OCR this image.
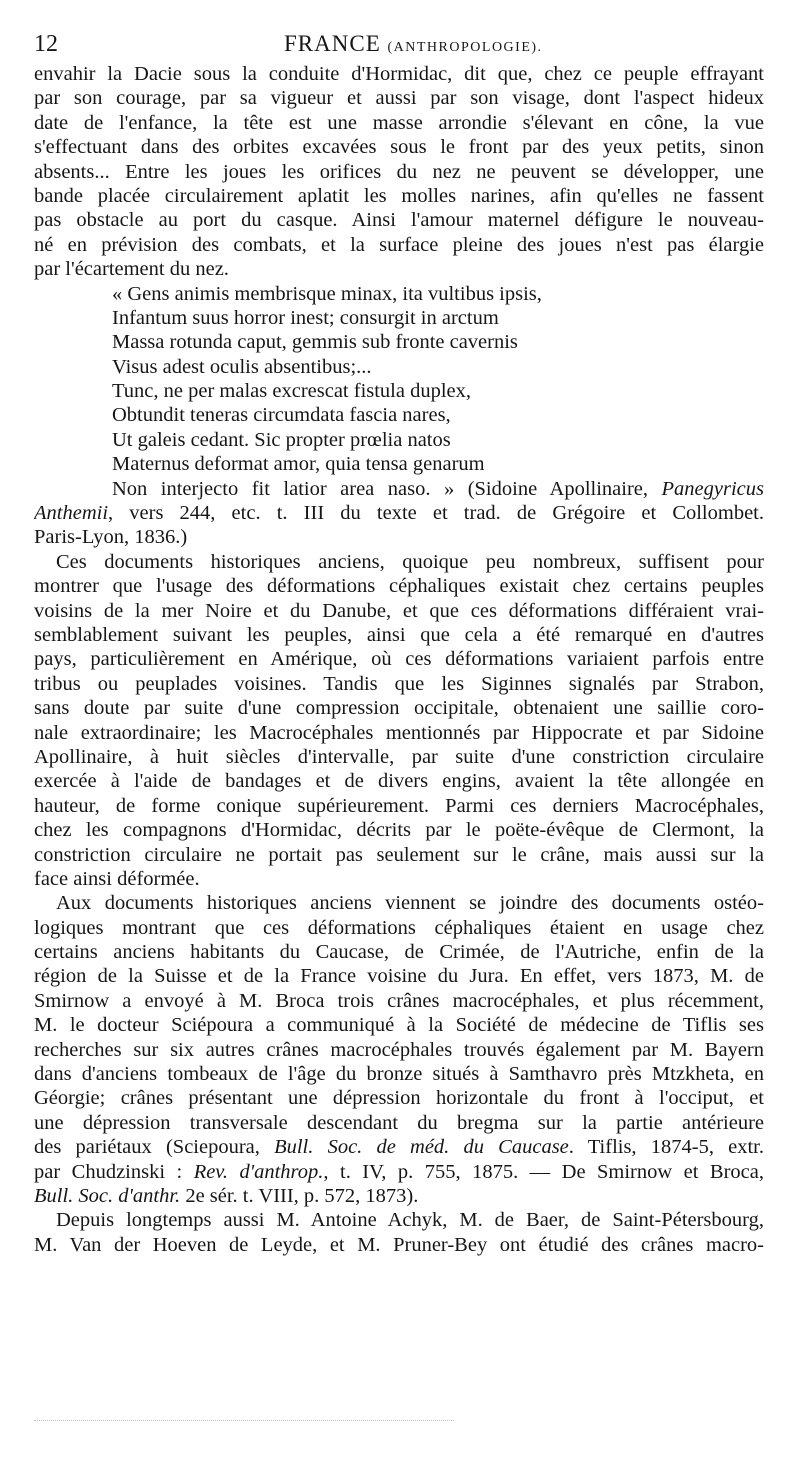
12	FRANCE (ANTHROPOLOGIE).
envahir la Dacie sous la conduite d'Hormidac, dit que, chez ce peuple effrayant
par son courage, par sa vigueur et aussi par son visage, dont l'aspect hideux
date de l'enfance, la tête est une masse arrondie s'élevant en cône, la vue
s'effectuant dans des orbites excavées sous le front par des yeux petits, sinon
absents... Entre les joues les orifices du nez ne peuvent se développer, une
bande placée circulairement aplatit les molles narines, afin qu'elles ne fassent
pas obstacle au port du casque. Ainsi l'amour maternel défigure le nouveau-
né en prévision des combats, et la surface pleine des joues n'est pas élargie
par l'écartement du nez.
« Gens animis membrisque minax, ita vultibus ipsis,
Infantum suus horror inest; consurgit in arctum
Massa rotunda caput, gemmis sub fronte cavernis
Visus adest oculis absentibus;...
Tunc, ne per malas excrescat fistula duplex,
Obtundit teneras circumdata fascia nares,
Ut galeis cedant. Sic propter prœlia natos
Maternus deformat amor, quia tensa genarum
Non interjecto fit latior area naso. » (Sidoine Apollinaire, Panegyricus
Anthemii, vers 244, etc. t. III du texte et trad. de Grégoire et Collombet.
Paris-Lyon, 1836.)
Ces documents historiques anciens, quoique peu nombreux, suffisent pour
montrer que l'usage des déformations céphaliques existait chez certains peuples
voisins de la mer Noire et du Danube, et que ces déformations différaient vrai-
semblablement suivant les peuples, ainsi que cela a été remarqué en d'autres
pays, particulièrement en Amérique, où ces déformations variaient parfois entre
tribus ou peuplades voisines. Tandis que les Siginnes signalés par Strabon,
sans doute par suite d'une compression occipitale, obtenaient une saillie coro-
nale extraordinaire; les Macrocéphales mentionnés par Hippocrate et par Sidoine
Apollinaire, à huit siècles d'intervalle, par suite d'une constriction circulaire
exercée à l'aide de bandages et de divers engins, avaient la tête allongée en
hauteur, de forme conique supérieurement. Parmi ces derniers Macrocéphales,
chez les compagnons d'Hormidac, décrits par le poëte-évêque de Clermont, la
constriction circulaire ne portait pas seulement sur le crâne, mais aussi sur la
face ainsi déformée.
Aux documents historiques anciens viennent se joindre des documents ostéo-
logiques montrant que ces déformations céphaliques étaient en usage chez
certains anciens habitants du Caucase, de Crimée, de l'Autriche, enfin de la
région de la Suisse et de la France voisine du Jura. En effet, vers 1873, M. de
Smirnow a envoyé à M. Broca trois crânes macrocéphales, et plus récemment,
M. le docteur Sciépoura a communiqué à la Société de médecine de Tiflis ses
recherches sur six autres crânes macrocéphales trouvés également par M. Bayern
dans d'anciens tombeaux de l'âge du bronze situés à Samthavro près Mtzkheta, en
Géorgie; crânes présentant une dépression horizontale du front à l'occiput, et
une dépression transversale descendant du bregma sur la partie antérieure
des pariétaux (Sciepoura, Bull. Soc. de méd. du Caucase. Tiflis, 1874-5, extr.
par Chudzinski : Rev. d'anthrop., t. IV, p. 755, 1875. — De Smirnow et Broca,
Bull. Soc. d'anthr. 2e sér. t. VIII, p. 572, 1873).
Depuis longtemps aussi M. Antoine Achyk, M. de Baer, de Saint-Pétersbourg,
M. Van der Hoeven de Leyde, et M. Pruner-Bey ont étudié des crânes macro-
